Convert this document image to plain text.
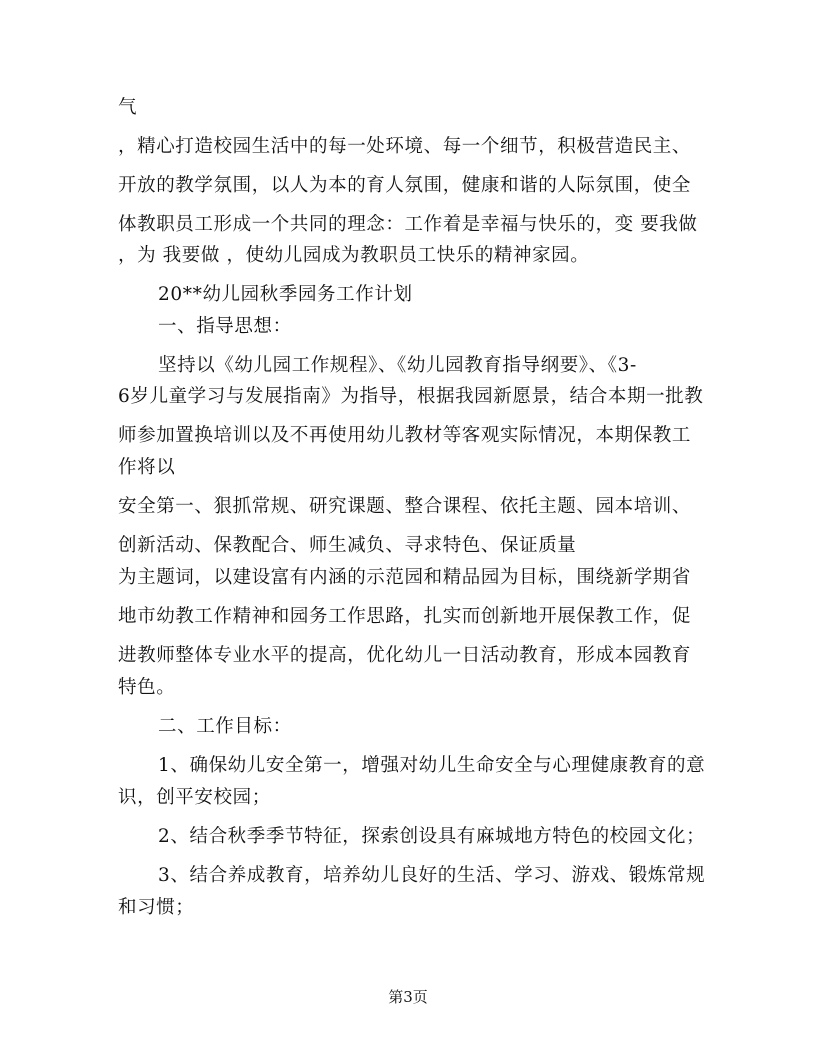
气
，精心打造校园生活中的每一处环境、每一个细节，积极营造民主、
开放的教学氛围，以人为本的育人氛围，健康和谐的人际氛围，使全
体教职员工形成一个共同的理念：工作着是幸福与快乐的，变 要我做
，为 我要做 ，使幼儿园成为教职员工快乐的精神家园。
20**幼儿园秋季园务工作计划
一、指导思想：
坚持以《幼儿园工作规程》、《幼儿园教育指导纲要》、《3-
6岁儿童学习与发展指南》为指导，根据我园新愿景，结合本期一批教
师参加置换培训以及不再使用幼儿教材等客观实际情况，本期保教工
作将以
安全第一、狠抓常规、研究课题、整合课程、依托主题、园本培训、
创新活动、保教配合、师生减负、寻求特色、保证质量
为主题词，以建设富有内涵的示范园和精品园为目标，围绕新学期省
地市幼教工作精神和园务工作思路，扎实而创新地开展保教工作，促
进教师整体专业水平的提高，优化幼儿一日活动教育，形成本园教育
特色。
二、工作目标：
1、确保幼儿安全第一，增强对幼儿生命安全与心理健康教育的意
识，创平安校园；
2、结合秋季季节特征，探索创设具有麻城地方特色的校园文化；
3、结合养成教育，培养幼儿良好的生活、学习、游戏、锻炼常规
和习惯；
第3页
